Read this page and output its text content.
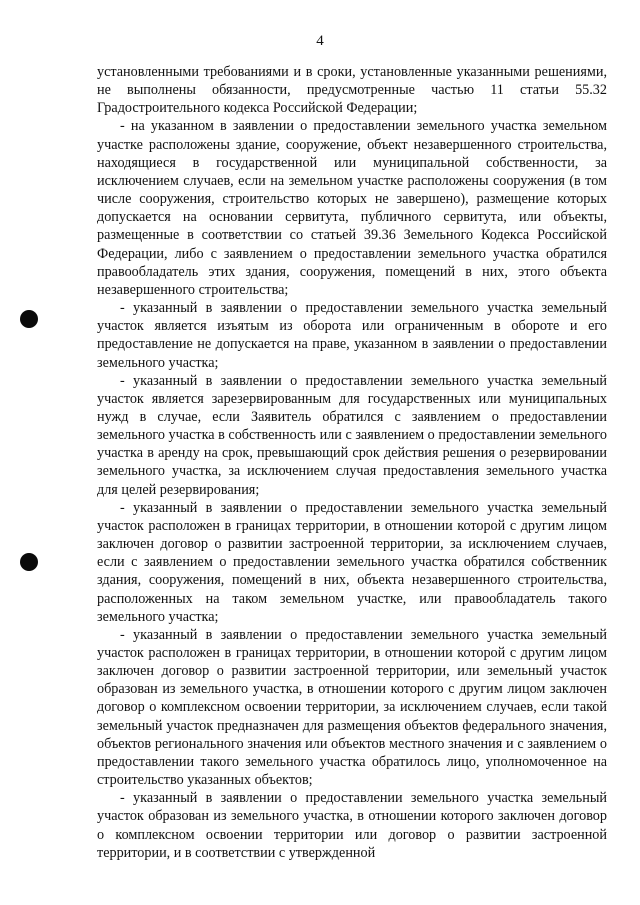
4

установленными требованиями и в сроки, установленные указанными решениями, не выполнены обязанности, предусмотренные частью 11 статьи 55.32 Градостроительного кодекса Российской Федерации;

- на указанном в заявлении о предоставлении земельного участка земельном участке расположены здание, сооружение, объект незавершенного строительства, находящиеся в государственной или муниципальной собственности, за исключением случаев, если на земельном участке расположены сооружения (в том числе сооружения, строительство которых не завершено), размещение которых допускается на основании сервитута, публичного сервитута, или объекты, размещенные в соответствии со статьей 39.36 Земельного Кодекса Российской Федерации, либо с заявлением о предоставлении земельного участка обратился правообладатель этих здания, сооружения, помещений в них, этого объекта незавершенного строительства;

- указанный в заявлении о предоставлении земельного участка земельный участок является изъятым из оборота или ограниченным в обороте и его предоставление не допускается на праве, указанном в заявлении о предоставлении земельного участка;

- указанный в заявлении о предоставлении земельного участка земельный участок является зарезервированным для государственных или муниципальных нужд в случае, если Заявитель обратился с заявлением о предоставлении земельного участка в собственность или с заявлением о предоставлении земельного участка в аренду на срок, превышающий срок действия решения о резервировании земельного участка, за исключением случая предоставления земельного участка для целей резервирования;

- указанный в заявлении о предоставлении земельного участка земельный участок расположен в границах территории, в отношении которой с другим лицом заключен договор о развитии застроенной территории, за исключением случаев, если с заявлением о предоставлении земельного участка обратился собственник здания, сооружения, помещений в них, объекта незавершенного строительства, расположенных на таком земельном участке, или правообладатель такого земельного участка;

- указанный в заявлении о предоставлении земельного участка земельный участок расположен в границах территории, в отношении которой с другим лицом заключен договор о развитии застроенной территории, или земельный участок образован из земельного участка, в отношении которого с другим лицом заключен договор о комплексном освоении территории, за исключением случаев, если такой земельный участок предназначен для размещения объектов федерального значения, объектов регионального значения или объектов местного значения и с заявлением о предоставлении такого земельного участка обратилось лицо, уполномоченное на строительство указанных объектов;

- указанный в заявлении о предоставлении земельного участка земельный участок образован из земельного участка, в отношении которого заключен договор о комплексном освоении территории или договор о развитии застроенной территории, и в соответствии с утвержденной
